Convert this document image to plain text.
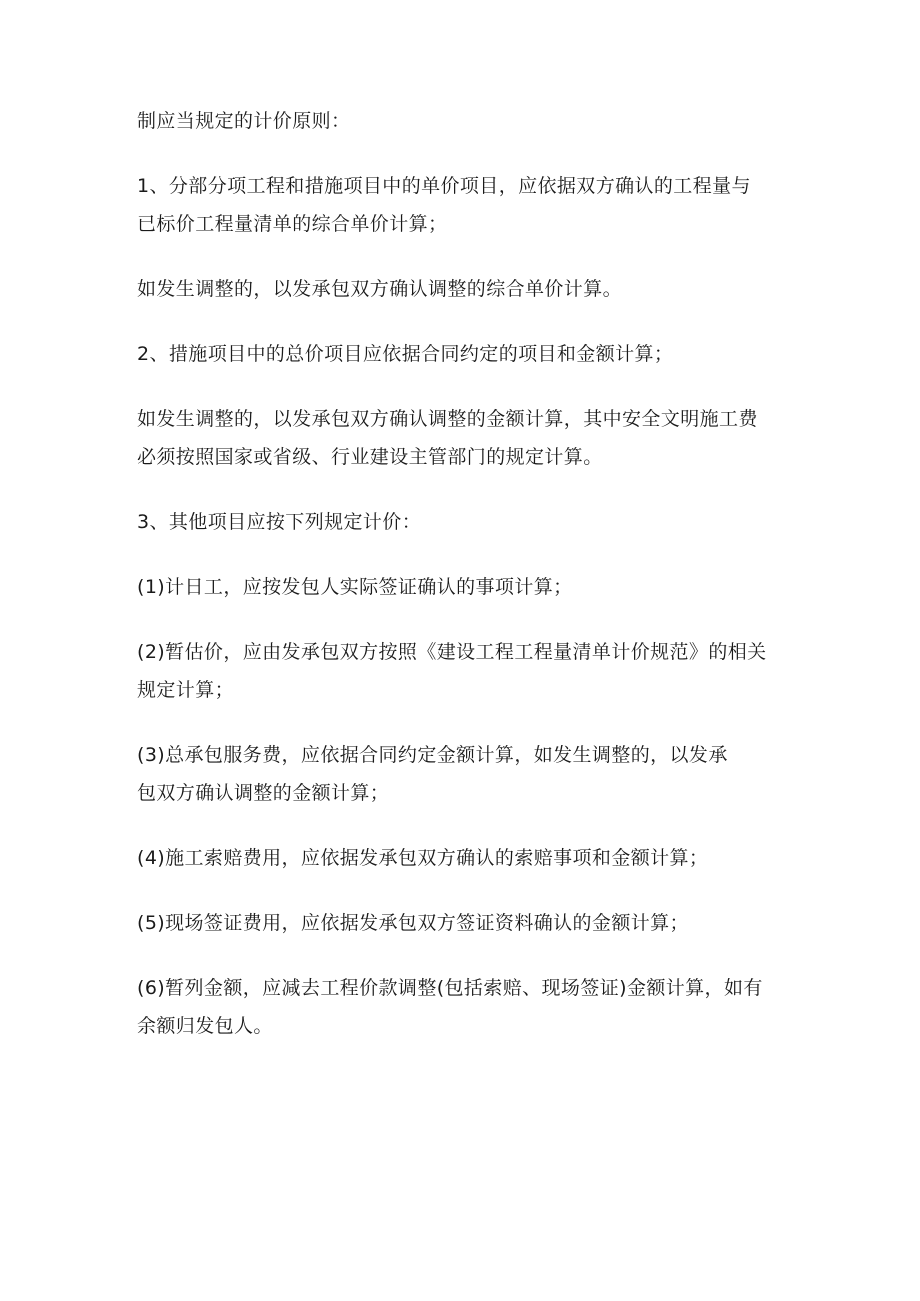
制应当规定的计价原则：
1、分部分项工程和措施项目中的单价项目，应依据双方确认的工程量与
已标价工程量清单的综合单价计算；
如发生调整的，以发承包双方确认调整的综合单价计算。
2、措施项目中的总价项目应依据合同约定的项目和金额计算；
如发生调整的，以发承包双方确认调整的金额计算，其中安全文明施工费
必须按照国家或省级、行业建设主管部门的规定计算。
3、其他项目应按下列规定计价：
(1)计日工，应按发包人实际签证确认的事项计算；
(2)暂估价，应由发承包双方按照《建设工程工程量清单计价规范》的相关
规定计算；
(3)总承包服务费，应依据合同约定金额计算，如发生调整的，以发承
包双方确认调整的金额计算；
(4)施工索赔费用，应依据发承包双方确认的索赔事项和金额计算；
(5)现场签证费用，应依据发承包双方签证资料确认的金额计算；
(6)暂列金额，应减去工程价款调整(包括索赔、现场签证)金额计算，如有
余额归发包人。
